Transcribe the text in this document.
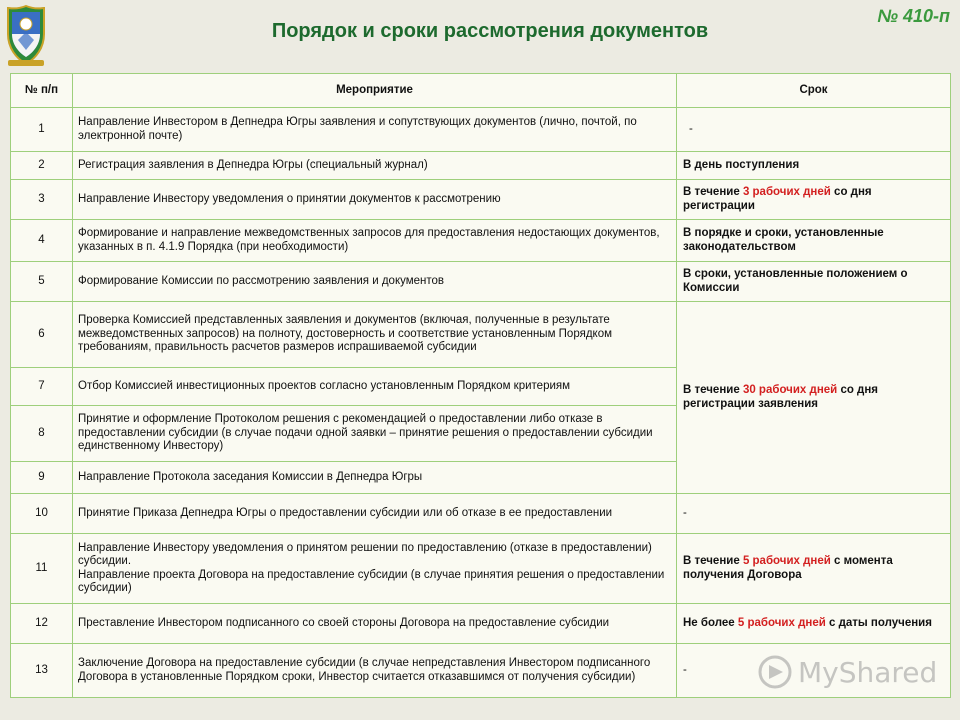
Порядок и сроки рассмотрения документов
№ 410-п
№ п/п	Мероприятие	Срок
1	Направление Инвестором в Депнедра Югры заявления и сопутствующих документов (лично, почтой, по электронной почте)	-
2	Регистрация заявления в Депнедра Югры (специальный журнал)	В день поступления
3	Направление Инвестору уведомления о принятии документов к рассмотрению	В течение 3 рабочих дней со дня регистрации
4	Формирование и направление межведомственных запросов для предоставления недостающих документов, указанных в п. 4.1.9 Порядка (при необходимости)	В порядке и сроки, установленные законодательством
5	Формирование Комиссии по рассмотрению заявления и документов	В сроки, установленные положением о Комиссии
6	Проверка Комиссией представленных заявления и документов (включая, полученные в результате межведомственных запросов) на полноту, достоверность и соответствие установленным Порядком требованиям, правильность расчетов размеров испрашиваемой субсидии	В течение 30 рабочих дней со дня регистрации заявления
7	Отбор Комиссией инвестиционных проектов согласно установленным Порядком критериям	
8	Принятие и оформление Протоколом решения с рекомендацией о предоставлении либо отказе в предоставлении субсидии (в случае подачи одной заявки – принятие решения о предоставлении субсидии единственному Инвестору)	
9	Направление Протокола заседания Комиссии в Депнедра Югры	
10	Принятие Приказа Депнедра Югры о предоставлении субсидии или об отказе в ее предоставлении	-
11	Направление Инвестору уведомления о принятом решении по предоставлению (отказе в предоставлении) субсидии.
Направление проекта Договора на предоставление субсидии (в случае принятия решения о предоставлении субсидии)	В течение 5 рабочих дней с момента получения Договора
12	Преставление Инвестором подписанного со своей стороны Договора на предоставление субсидии	Не более 5 рабочих дней с даты получения
13	Заключение Договора на предоставление субсидии (в случае непредставления Инвестором подписанного Договора в установленные Порядком сроки, Инвестор считается отказавшимся от получения субсидии)	-	MyShared
